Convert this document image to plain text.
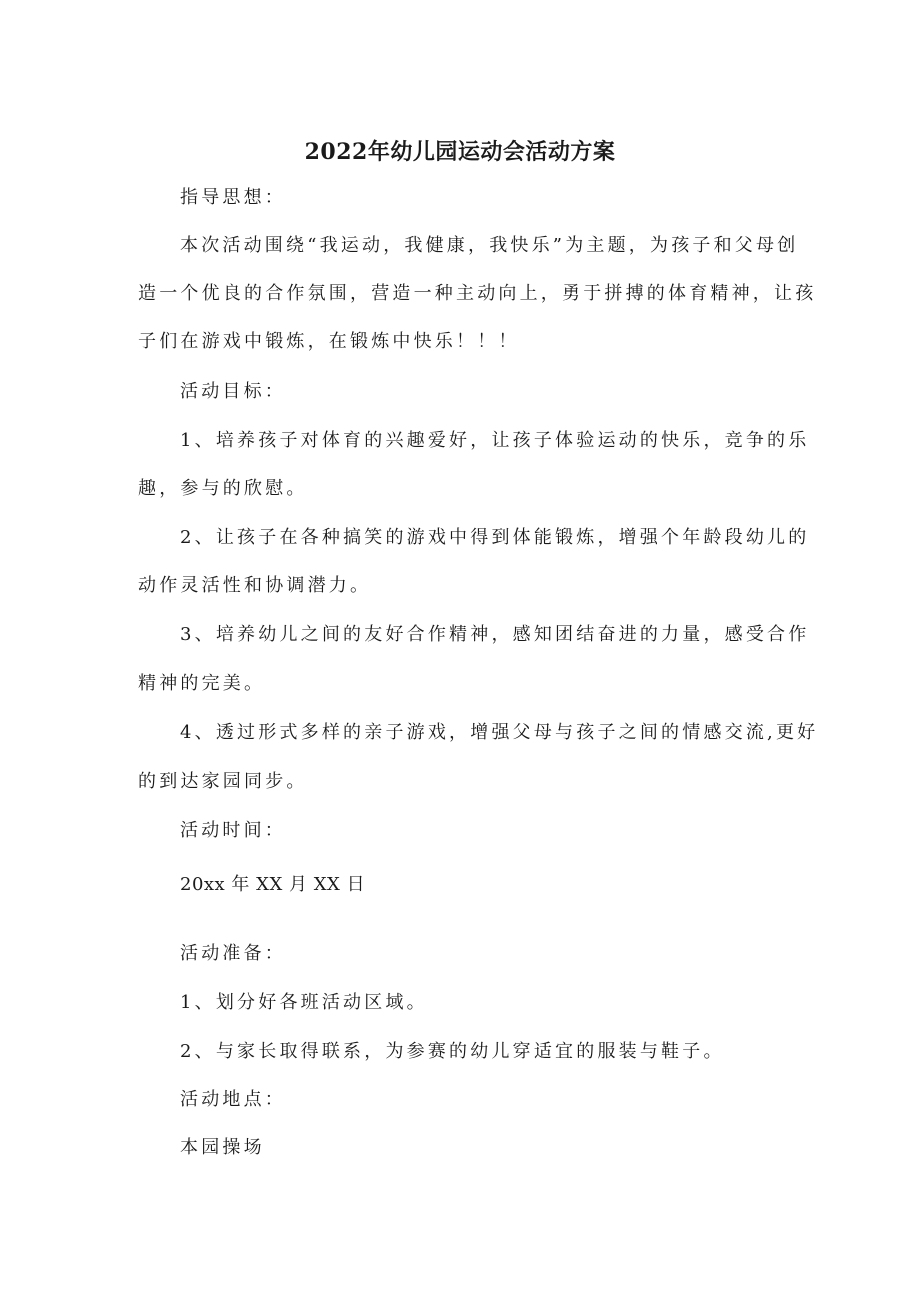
2022年幼儿园运动会活动方案

指导思想：

本次活动围绕“我运动，我健康，我快乐”为主题，为孩子和父母创

造一个优良的合作氛围，营造一种主动向上，勇于拼搏的体育精神，让孩

子们在游戏中锻炼，在锻炼中快乐！！！

活动目标：

1、培养孩子对体育的兴趣爱好，让孩子体验运动的快乐，竞争的乐

趣，参与的欣慰。

2、让孩子在各种搞笑的游戏中得到体能锻炼，增强个年龄段幼儿的

动作灵活性和协调潜力。

3、培养幼儿之间的友好合作精神，感知团结奋进的力量，感受合作

精神的完美。

4、透过形式多样的亲子游戏，增强父母与孩子之间的情感交流,更好

的到达家园同步。

活动时间：

20xx 年 XX 月 XX 日

活动准备：

1、划分好各班活动区域。

2、与家长取得联系，为参赛的幼儿穿适宜的服装与鞋子。

活动地点：

本园操场
